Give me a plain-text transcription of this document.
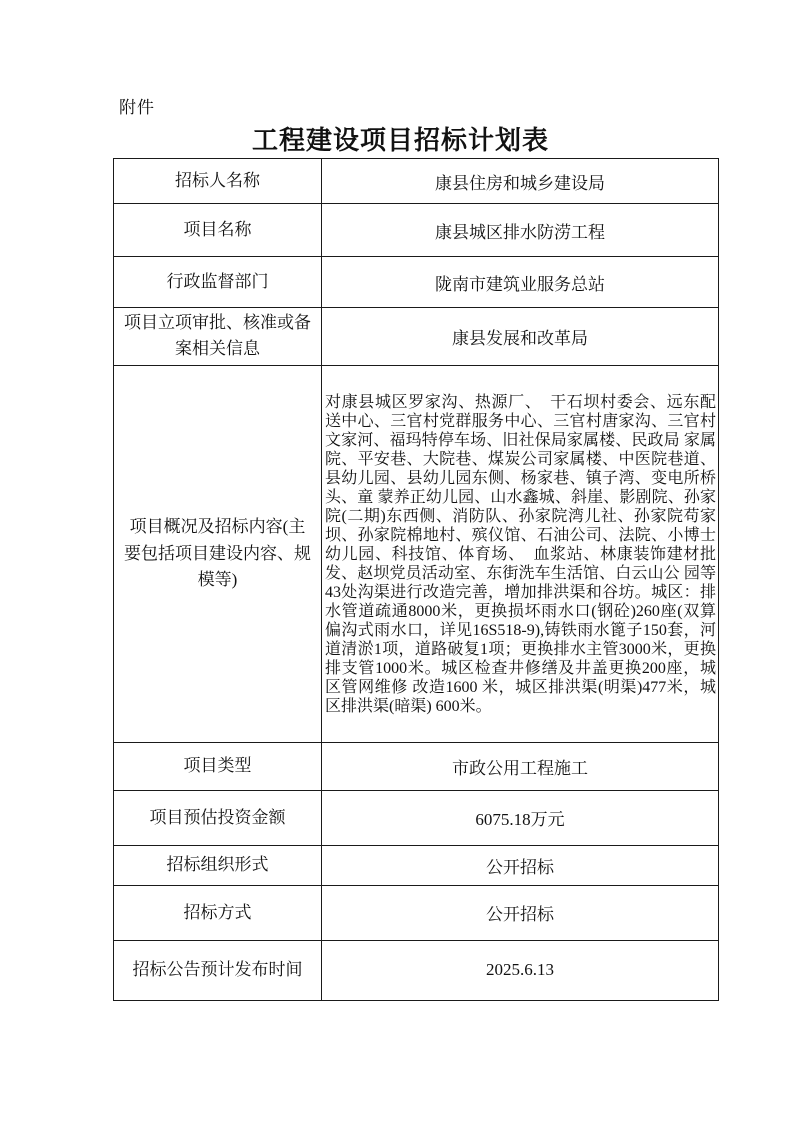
附件
工程建设项目招标计划表
招标人名称	康县住房和城乡建设局
项目名称	康县城区排水防涝工程
行政监督部门	陇南市建筑业服务总站
项目立项审批、核准或备案相关信息	康县发展和改革局
项目概况及招标内容(主要包括项目建设内容、规模等)	对康县城区罗家沟、热源厂、　干石坝村委会、远东配送中心、三官村党群服务中心、三官村唐家沟、三官村文家河、福玛特停车场、旧社保局家属楼、民政局 家属院、平安巷、大院巷、煤炭公司家属楼、中医院巷道、县幼儿园、县幼儿园东侧、杨家巷、镇子湾、变电所桥头、童 蒙养正幼儿园、山水鑫城、斜崖、影剧院、孙家院(二期)东西侧、消防队、孙家院湾儿社、孙家院苟家坝、孙家院棉地村、殡仪馆、石油公司、法院、小博士幼儿园、科技馆、体育场、　血浆站、林康装饰建材批发、赵坝党员活动室、东街洗车生活馆、白云山公 园等43处沟渠进行改造完善，增加排洪渠和谷坊。城区：排水管道疏通8000米，更换损坏雨水口(钢砼)260座(双算偏沟式雨水口，详见16S518-9),铸铁雨水篦子150套，河 道清淤1项，道路破复1项；更换排水主管3000米，更换排支管1000米。城区检查井修缮及井盖更换200座，城区管网维修 改造1600 米，城区排洪渠(明渠)477米，城区排洪渠(暗渠) 600米。
项目类型	市政公用工程施工
项目预估投资金额	6075.18万元
招标组织形式	公开招标
招标方式	公开招标
招标公告预计发布时间	2025.6.13
